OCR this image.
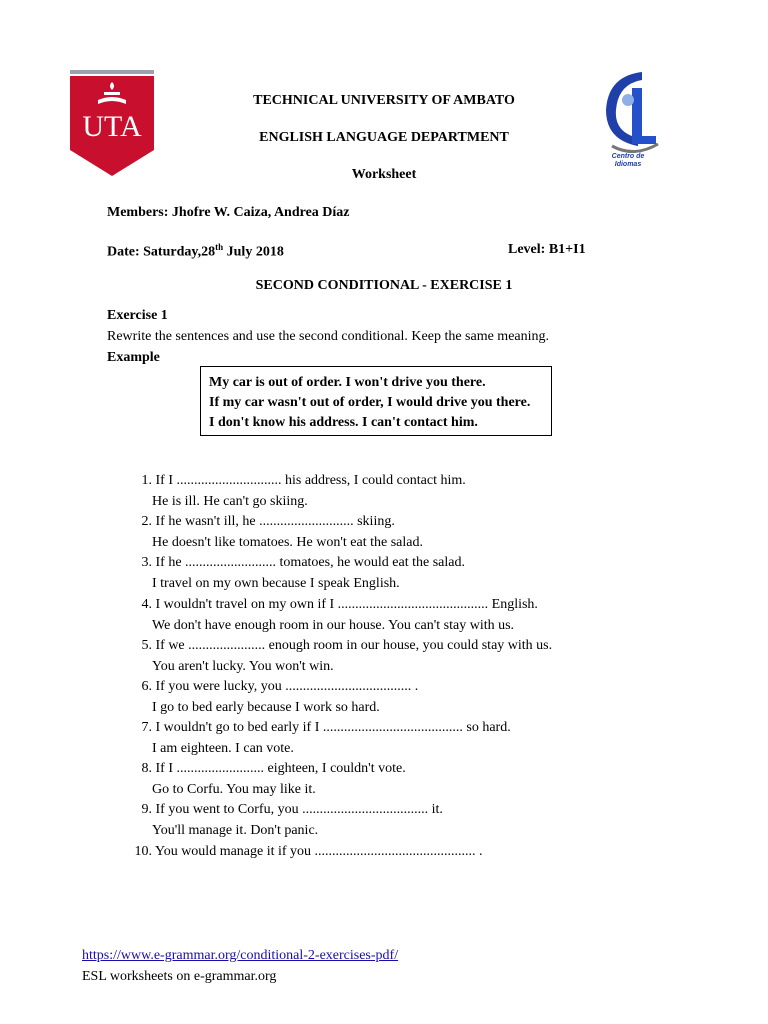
UTA
Centro de
Idiomas
TECHNICAL UNIVERSITY OF AMBATO
ENGLISH LANGUAGE DEPARTMENT
Worksheet
Members: Jhofre W. Caiza, Andrea Díaz
Date: Saturday,28th July 2018	Level: B1+I1
SECOND CONDITIONAL - EXERCISE 1
Exercise 1
Rewrite the sentences and use the second conditional. Keep the same meaning.
Example
My car is out of order. I won't drive you there.
If my car wasn't out of order, I would drive you there.
I don't know his address. I can't contact him.
1. If I .............................. his address, I could contact him.
He is ill. He can't go skiing.
2. If he wasn't ill, he ........................... skiing.
He doesn't like tomatoes. He won't eat the salad.
3. If he .......................... tomatoes, he would eat the salad.
I travel on my own because I speak English.
4. I wouldn't travel on my own if I ........................................... English.
We don't have enough room in our house. You can't stay with us.
5. If we ...................... enough room in our house, you could stay with us.
You aren't lucky. You won't win.
6. If you were lucky, you .................................... .
I go to bed early because I work so hard.
7. I wouldn't go to bed early if I ........................................ so hard.
I am eighteen. I can vote.
8. If I ......................... eighteen, I couldn't vote.
Go to Corfu. You may like it.
9. If you went to Corfu, you .................................... it.
You'll manage it. Don't panic.
10. You would manage it if you .............................................. .
https://www.e-grammar.org/conditional-2-exercises-pdf/
ESL worksheets on e-grammar.org
